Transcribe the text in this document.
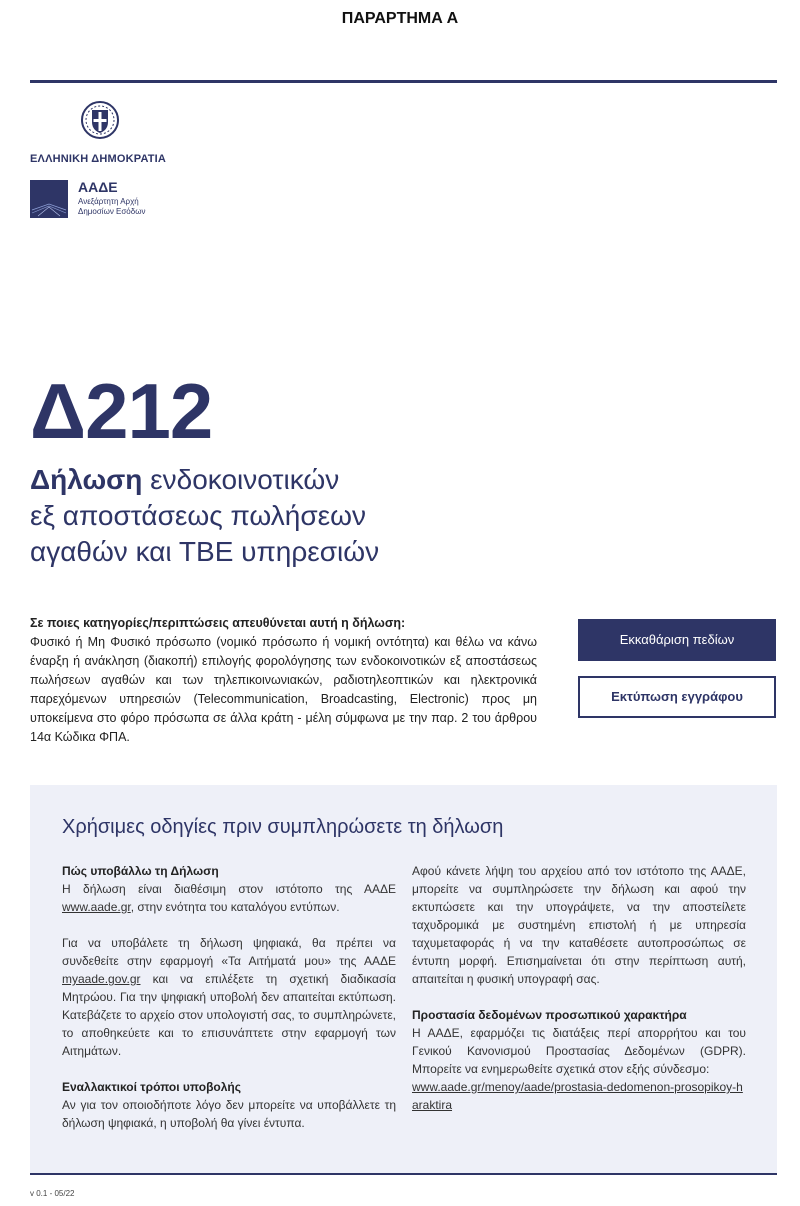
ΠΑΡΑΡΤΗΜΑ Α
ΕΛΛΗΝΙΚΗ ΔΗΜΟΚΡΑΤΙΑ
ΑΑΔΕ
Ανεξάρτητη Αρχή
Δημοσίων Εσόδων
Δ212
Δήλωση ενδοκοινοτικών
εξ αποστάσεως πωλήσεων
αγαθών και ΤΒΕ υπηρεσιών
Σε ποιες κατηγορίες/περιπτώσεις απευθύνεται αυτή η δήλωση:
Φυσικό ή Μη Φυσικό πρόσωπο (νομικό πρόσωπο ή νομική οντότητα) και θέλω να κάνω έναρξη ή ανάκληση (διακοπή) επιλογής φορολόγησης των ενδοκοινοτικών εξ αποστάσεως πωλήσεων αγαθών και των τηλεπικοινωνιακών, ραδιοτηλεοπτικών και ηλεκτρονικά παρεχόμενων υπηρεσιών (Telecommunication, Broadcasting, Electronic) προς μη υποκείμενα στο φόρο πρόσωπα σε άλλα κράτη - μέλη σύμφωνα με την παρ. 2 του άρθρου 14α Κώδικα ΦΠΑ.
Εκκαθάριση πεδίων
Εκτύπωση εγγράφου
Χρήσιμες οδηγίες πριν συμπληρώσετε τη δήλωση
Πώς υποβάλλω τη Δήλωση
Η δήλωση είναι διαθέσιμη στον ιστότοπο της ΑΑΔΕ www.aade.gr, στην ενότητα του καταλόγου εντύπων.
Για να υποβάλετε τη δήλωση ψηφιακά, θα πρέπει να συνδεθείτε στην εφαρμογή «Τα Αιτήματά μου» της ΑΑΔΕ myaade.gov.gr και να επιλέξετε τη σχετική διαδικασία Μητρώου. Για την ψηφιακή υποβολή δεν απαιτείται εκτύπωση. Κατεβάζετε το αρχείο στον υπολογιστή σας, το συμπληρώνετε, το αποθηκεύετε και το επισυνάπτετε στην εφαρμογή των Αιτημάτων.
Εναλλακτικοί τρόποι υποβολής
Αν για τον οποιοδήποτε λόγο δεν μπορείτε να υποβάλλετε τη δήλωση ψηφιακά, η υποβολή θα γίνει έντυπα.
Αφού κάνετε λήψη του αρχείου από τον ιστότοπο της ΑΑΔΕ, μπορείτε να συμπληρώσετε την δήλωση και αφού την εκτυπώσετε και την υπογράψετε, να την αποστείλετε ταχυδρομικά με συστημένη επιστολή ή με υπηρεσία ταχυμεταφοράς ή να την καταθέσετε αυτοπροσώπως σε έντυπη μορφή. Επισημαίνεται ότι στην περίπτωση αυτή, απαιτείται η φυσική υπογραφή σας.
Προστασία δεδομένων προσωπικού χαρακτήρα
Η ΑΑΔΕ, εφαρμόζει τις διατάξεις περί απορρήτου και του Γενικού Κανονισμού Προστασίας Δεδομένων (GDPR). Μπορείτε να ενημερωθείτε σχετικά στον εξής σύνδεσμο:
www.aade.gr/menoy/aade/prostasia-dedomenon-prosopikoy-haraktira
v 0.1 - 05/22
